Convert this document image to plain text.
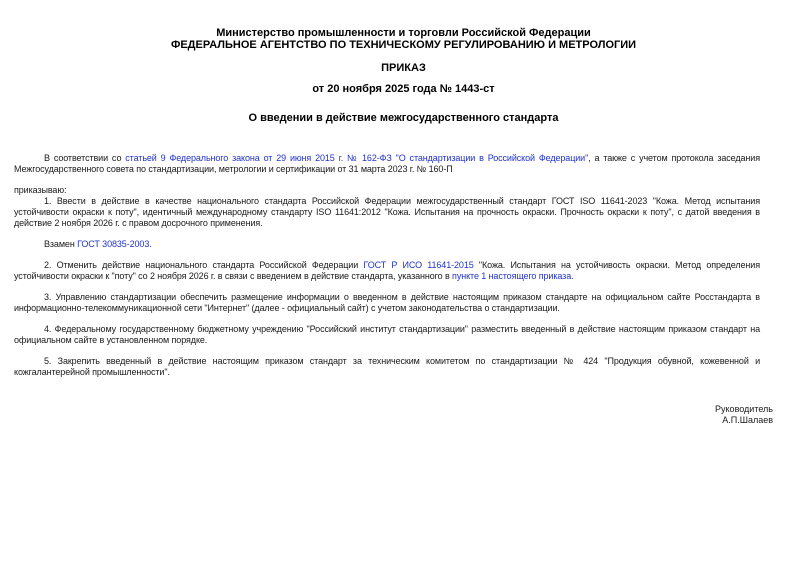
Министерство промышленности и торговли Российской Федерации
ФЕДЕРАЛЬНОЕ АГЕНТСТВО ПО ТЕХНИЧЕСКОМУ РЕГУЛИРОВАНИЮ И МЕТРОЛОГИИ
ПРИКАЗ
от 20 ноября 2025 года № 1443-ст
О введении в действие межгосударственного стандарта

В соответствии со статьей 9 Федерального закона от 29 июня 2015 г. № 162-ФЗ "О стандартизации в Российской Федерации", а также с учетом протокола заседания Межгосударственного совета по стандартизации, метрологии и сертификации от 31 марта 2023 г. № 160-П

приказываю:

1. Ввести в действие в качестве национального стандарта Российской Федерации межгосударственный стандарт ГОСТ ISO 11641-2023 "Кожа. Метод испытания устойчивости окраски к поту", идентичный международному стандарту ISO 11641:2012 "Кожа. Испытания на прочность окраски. Прочность окраски к поту", с датой введения в действие 2 ноября 2026 г. с правом досрочного применения.

Взамен ГОСТ 30835-2003.

2. Отменить действие национального стандарта Российской Федерации ГОСТ Р ИСО 11641-2015 "Кожа. Испытания на устойчивость окраски. Метод определения устойчивости окраски к "поту" со 2 ноября 2026 г. в связи с введением в действие стандарта, указанного в пункте 1 настоящего приказа.

3. Управлению стандартизации обеспечить размещение информации о введенном в действие настоящим приказом стандарте на официальном сайте Росстандарта в информационно-телекоммуникационной сети "Интернет" (далее - официальный сайт) с учетом законодательства о стандартизации.

4. Федеральному государственному бюджетному учреждению "Российский институт стандартизации" разместить введенный в действие настоящим приказом стандарт на официальном сайте в установленном порядке.

5. Закрепить введенный в действие настоящим приказом стандарт за техническим комитетом по стандартизации № 424 "Продукция обувной, кожевенной и кожгалантерейной промышленности".

Руководитель
А.П.Шалаев
